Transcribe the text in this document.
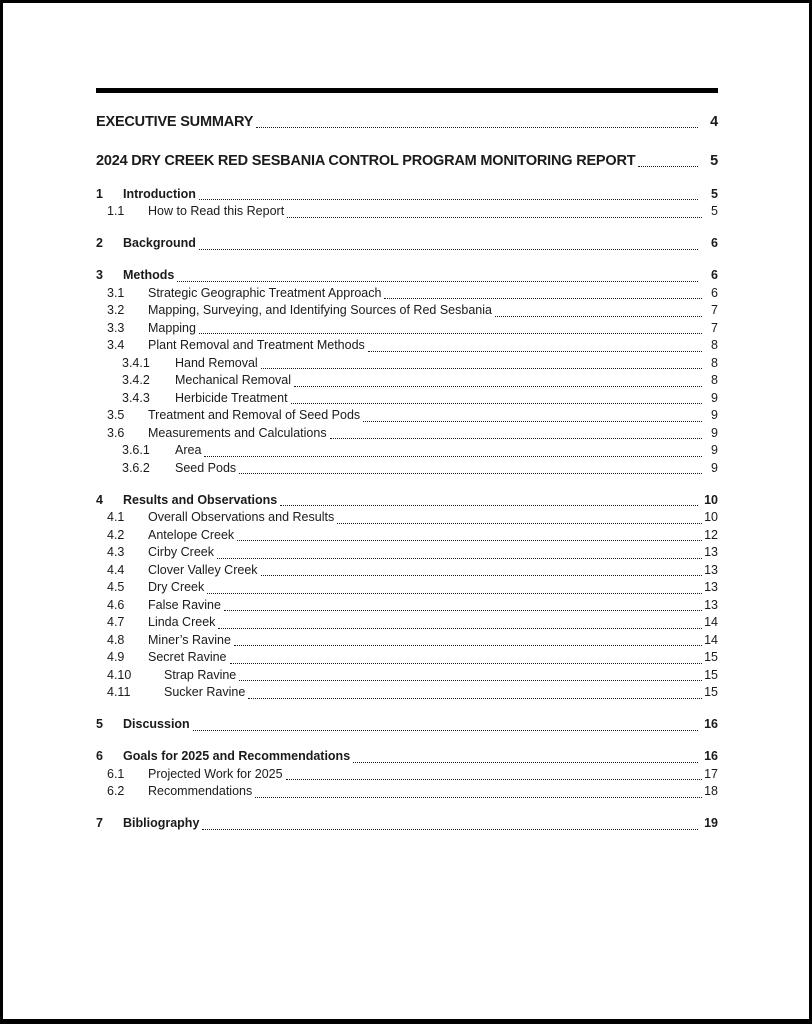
EXECUTIVE SUMMARY	4
2024 DRY CREEK RED SESBANIA CONTROL PROGRAM MONITORING REPORT	5
1	Introduction	5
1.1	How to Read this Report	5
2	Background	6
3	Methods	6
3.1	Strategic Geographic Treatment Approach	6
3.2	Mapping, Surveying, and Identifying Sources of Red Sesbania	7
3.3	Mapping	7
3.4	Plant Removal and Treatment Methods	8
3.4.1	Hand Removal	8
3.4.2	Mechanical Removal	8
3.4.3	Herbicide Treatment	9
3.5	Treatment and Removal of Seed Pods	9
3.6	Measurements and Calculations	9
3.6.1	Area	9
3.6.2	Seed Pods	9
4	Results and Observations	10
4.1	Overall Observations and Results	10
4.2	Antelope Creek	12
4.3	Cirby Creek	13
4.4	Clover Valley Creek	13
4.5	Dry Creek	13
4.6	False Ravine	13
4.7	Linda Creek	14
4.8	Miner’s Ravine	14
4.9	Secret Ravine	15
4.10	Strap Ravine	15
4.11	Sucker Ravine	15
5	Discussion	16
6	Goals for 2025 and Recommendations	16
6.1	Projected Work for 2025	17
6.2	Recommendations	18
7	Bibliography	19
